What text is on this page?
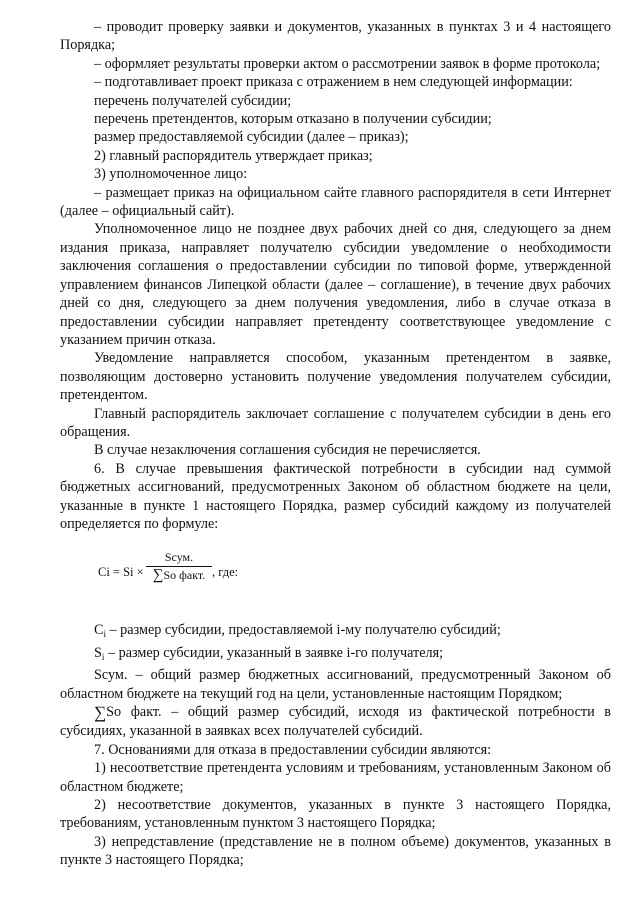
– проводит проверку заявки и документов, указанных в пунктах 3 и 4 настоящего Порядка;

– оформляет результаты проверки актом о рассмотрении заявок в форме протокола;

– подготавливает проект приказа с отражением в нем следующей информации:

перечень получателей субсидии;

перечень претендентов, которым отказано в получении субсидии;

размер предоставляемой субсидии (далее – приказ);

2) главный распорядитель утверждает приказ;

3) уполномоченное лицо:

– размещает приказ на официальном сайте главного распорядителя в сети Интернет (далее – официальный сайт).

Уполномоченное лицо не позднее двух рабочих дней со дня, следующего за днем издания приказа, направляет получателю субсидии уведомление о необходимости заключения соглашения о предоставлении субсидии по типовой форме, утвержденной управлением финансов Липецкой области (далее – соглашение), в течение двух рабочих дней со дня, следующего за днем получения уведомления, либо в случае отказа в предоставлении субсидии направляет претенденту соответствующее уведомление с указанием причин отказа.

Уведомление направляется способом, указанным претендентом в заявке, позволяющим достоверно установить получение уведомления получателем субсидии, претендентом.

Главный распорядитель заключает соглашение с получателем субсидии в день его обращения.

В случае незаключения соглашения субсидия не перечисляется.

6. В случае превышения фактической потребности в субсидии над суммой бюджетных ассигнований, предусмотренных Законом об областном бюджете на цели, указанные в пункте 1 настоящего Порядка, размер субсидий каждому из получателей определяется по формуле:

Ci = Si ×
Sсум.
∑So факт. , где:

$C_i$ – размер субсидии, предоставляемой i-му получателю субсидий;

$S_i$ – размер субсидии, указанный в заявке i-го получателя;

Sсум. – общий размер бюджетных ассигнований, предусмотренный Законом об областном бюджете на текущий год на цели, установленные настоящим Порядком;

∑So факт. – общий размер субсидий, исходя из фактической потребности в субсидиях, указанной в заявках всех получателей субсидий.

7. Основаниями для отказа в предоставлении субсидии являются:

1) несоответствие претендента условиям и требованиям, установленным Законом об областном бюджете;

2) несоответствие документов, указанных в пункте 3 настоящего Порядка, требованиям, установленным пунктом 3 настоящего Порядка;

3) непредставление (представление не в полном объеме) документов, указанных в пункте 3 настоящего Порядка;
